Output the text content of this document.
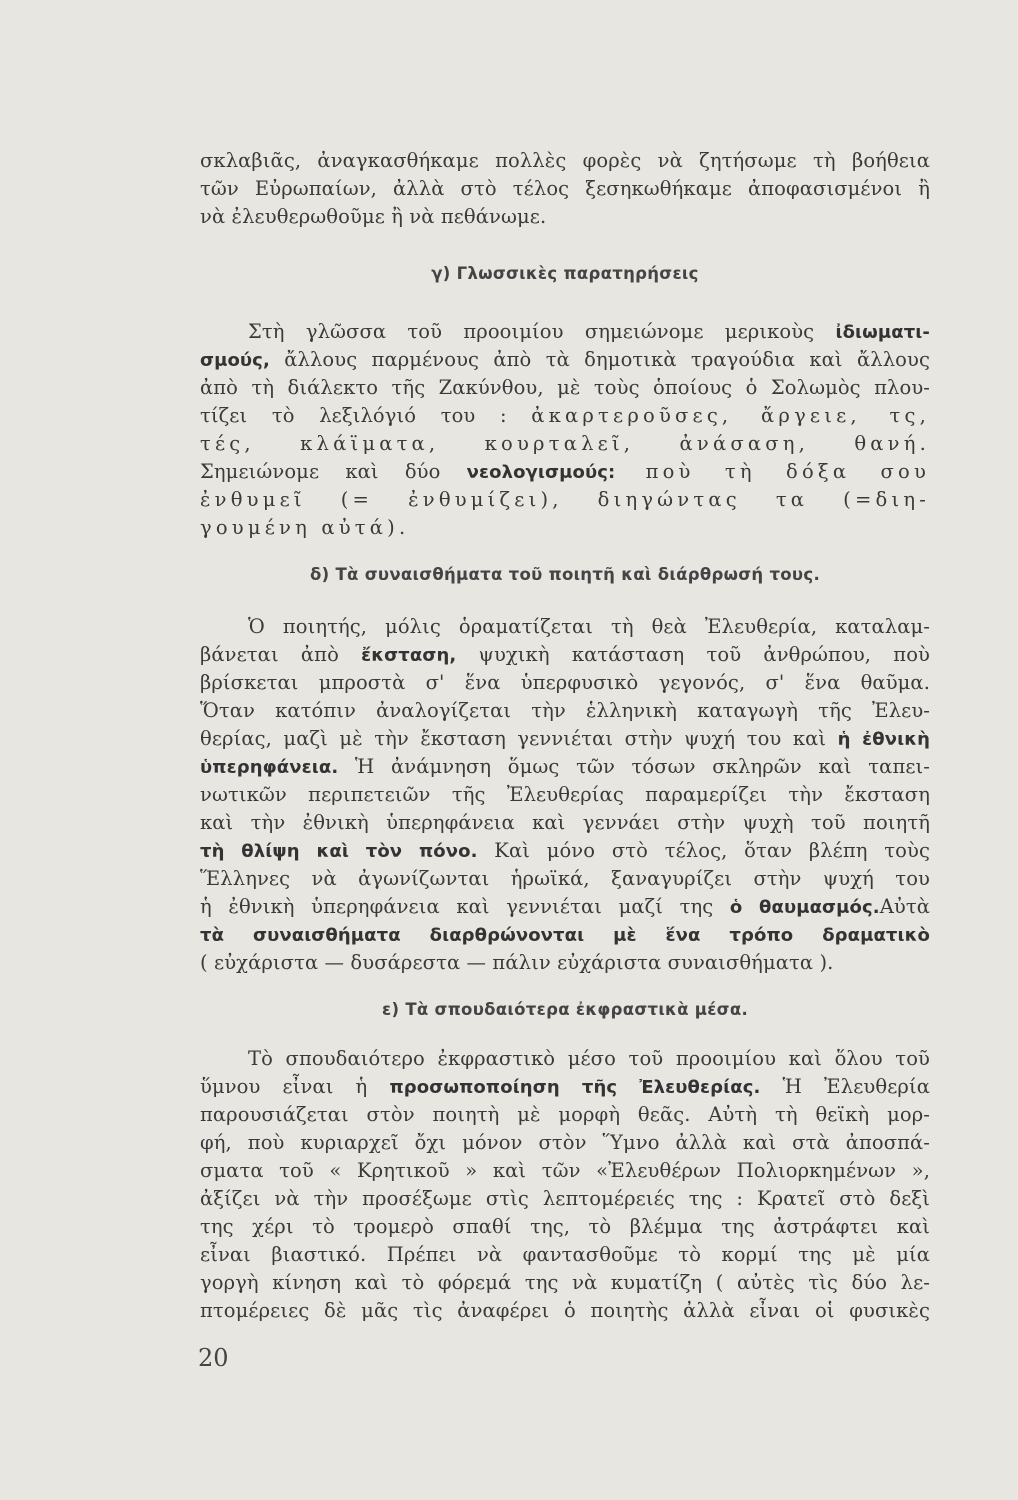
σκλαβιᾶς, ἀναγκασθήκαμε πολλὲς φορὲς νὰ ζητήσωμε τὴ βοήθεια
τῶν Εὐρωπαίων, ἀλλὰ στὸ τέλος ξεσηκωθήκαμε ἀποφασισμένοι ἢ
νὰ ἐλευθερωθοῦμε ἢ νὰ πεθάνωμε.
γ) Γλωσσικὲς παρατηρήσεις
Στὴ γλῶσσα τοῦ προοιμίου σημειώνομε μερικοὺς ἰδιωματι-
σμούς, ἄλλους παρμένους ἀπὸ τὰ δημοτικὰ τραγούδια καὶ ἄλλους
ἀπὸ τὴ διάλεκτο τῆς Ζακύνθου, μὲ τοὺς ὁποίους ὁ Σολωμὸς πλου-
τίζει τὸ λεξιλόγιό του : ἀκαρτεροῦσες, ἄργειε, τς,
τές, κλάϊματα, κουρταλεῖ, ἀνάσαση, θανή.
Σημειώνομε καὶ δύο νεολογισμούς: ποὺ τὴ δόξα σου
ἐνθυμεῖ (= ἐνθυμίζει), διηγώντας τα (=διη-
γουμένη αὐτά).
δ) Τὰ συναισθήματα τοῦ ποιητῆ καὶ διάρθρωσή τους.
Ὁ ποιητής, μόλις ὁραματίζεται τὴ θεὰ Ἐλευθερία, καταλαμ-
βάνεται ἀπὸ ἔκσταση, ψυχικὴ κατάσταση τοῦ ἀνθρώπου, ποὺ
βρίσκεται μπροστὰ σ' ἕνα ὑπερφυσικὸ γεγονός, σ' ἕνα θαῦμα.
Ὅταν κατόπιν ἀναλογίζεται τὴν ἑλληνικὴ καταγωγὴ τῆς Ἐλευ-
θερίας, μαζὶ μὲ τὴν ἔκσταση γεννιέται στὴν ψυχή του καὶ ἡ ἐθνικὴ
ὑπερηφάνεια. Ἡ ἀνάμνηση ὅμως τῶν τόσων σκληρῶν καὶ ταπει-
νωτικῶν περιπετειῶν τῆς Ἐλευθερίας παραμερίζει τὴν ἔκσταση
καὶ τὴν ἐθνικὴ ὑπερηφάνεια καὶ γεννάει στὴν ψυχὴ τοῦ ποιητῆ
τὴ θλίψη καὶ τὸν πόνο. Καὶ μόνο στὸ τέλος, ὅταν βλέπη τοὺς
Ἕλληνες νὰ ἀγωνίζωνται ἡρωϊκά, ξαναγυρίζει στὴν ψυχή του
ἡ ἐθνικὴ ὑπερηφάνεια καὶ γεννιέται μαζί της ὁ θαυμασμός.Αὐτὰ
τὰ συναισθήματα διαρθρώνονται μὲ ἕνα τρόπο δραματικὸ
( εὐχάριστα — δυσάρεστα — πάλιν εὐχάριστα συναισθήματα ).
ε) Τὰ σπουδαιότερα ἐκφραστικὰ μέσα.
Τὸ σπουδαιότερο ἐκφραστικὸ μέσο τοῦ προοιμίου καὶ ὅλου τοῦ
ὕμνου εἶναι ἡ προσωποποίηση τῆς Ἐλευθερίας. Ἡ Ἐλευθερία
παρουσιάζεται στὸν ποιητὴ μὲ μορφὴ θεᾶς. Αὐτὴ τὴ θεϊκὴ μορ-
φή, ποὺ κυριαρχεῖ ὄχι μόνον στὸν Ὕμνο ἀλλὰ καὶ στὰ ἀποσπά-
σματα τοῦ « Κρητικοῦ » καὶ τῶν «Ἐλευθέρων Πολιορκημένων »,
ἀξίζει νὰ τὴν προσέξωμε στὶς λεπτομέρειές της : Κρατεῖ στὸ δεξὶ
της χέρι τὸ τρομερὸ σπαθί της, τὸ βλέμμα της ἀστράφτει καὶ
εἶναι βιαστικό. Πρέπει νὰ φαντασθοῦμε τὸ κορμί της μὲ μία
γοργὴ κίνηση καὶ τὸ φόρεμά της νὰ κυματίζη ( αὐτὲς τὶς δύο λε-
πτομέρειες δὲ μᾶς τὶς ἀναφέρει ὁ ποιητὴς ἀλλὰ εἶναι οἱ φυσικὲς
20
